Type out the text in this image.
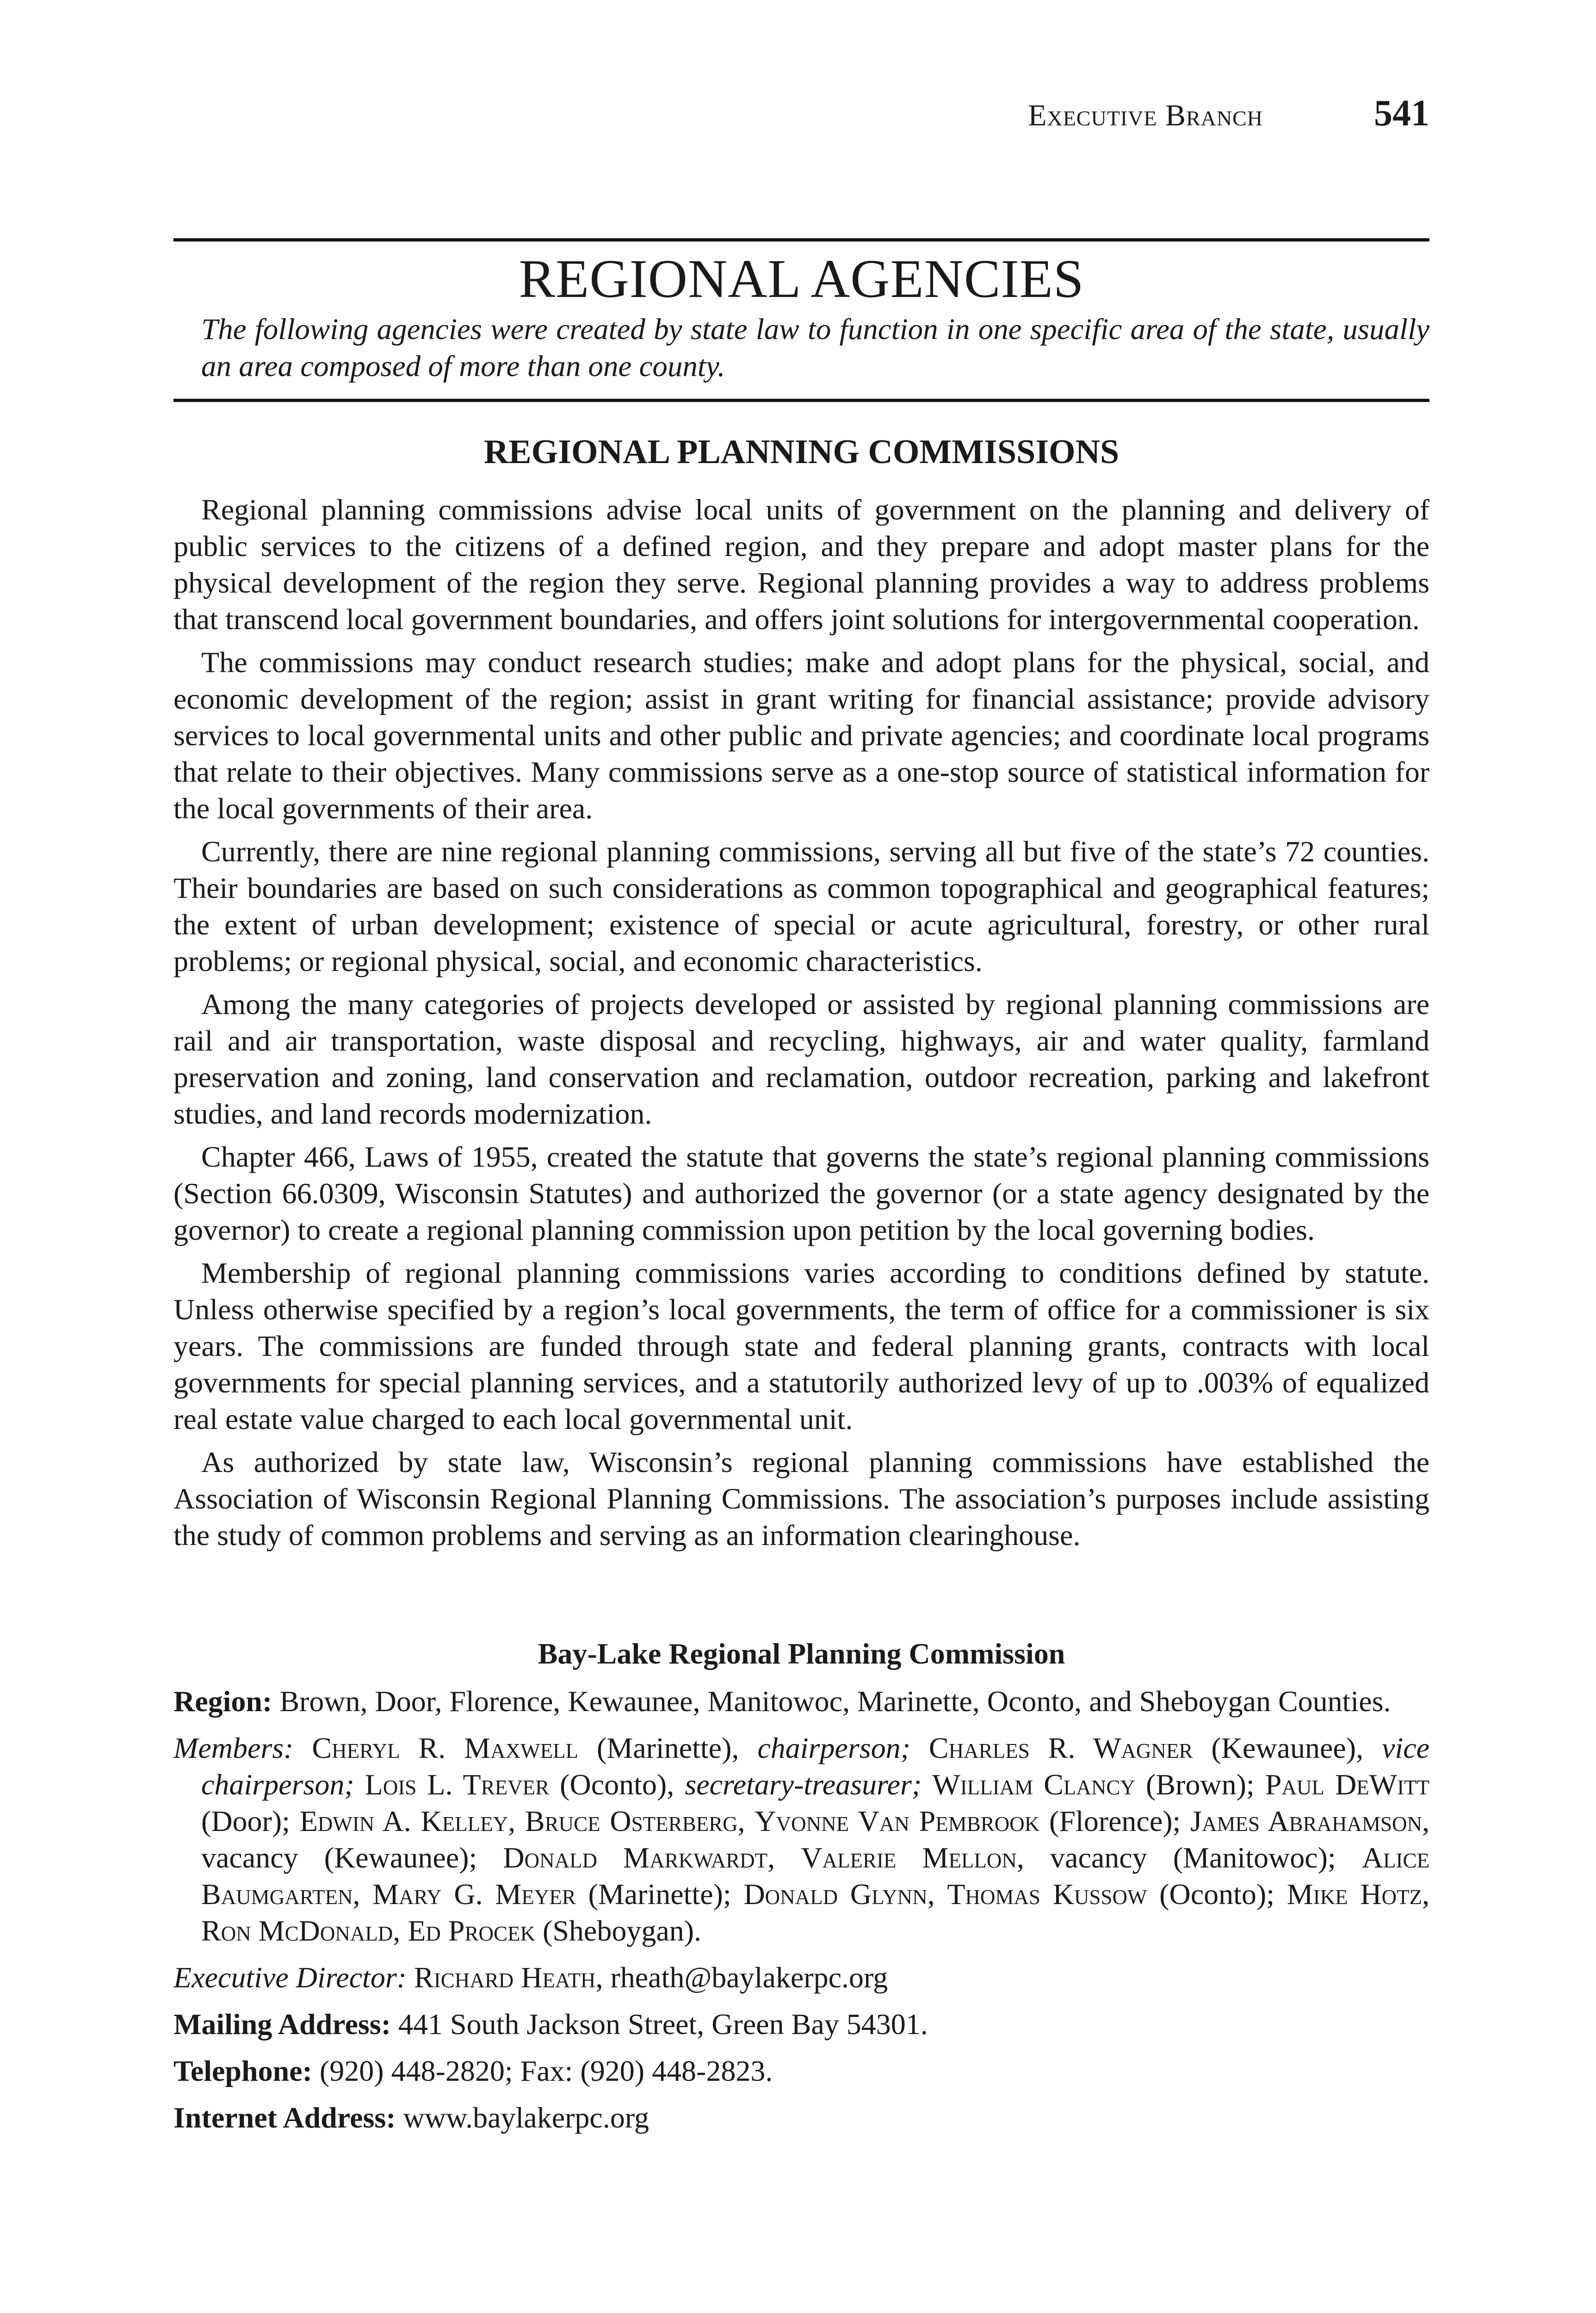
Executive Branch	541
REGIONAL AGENCIES
The following agencies were created by state law to function in one specific area of the state, usually an area composed of more than one county.
REGIONAL PLANNING COMMISSIONS

Regional planning commissions advise local units of government on the planning and delivery of public services to the citizens of a defined region, and they prepare and adopt master plans for the physical development of the region they serve. Regional planning provides a way to address problems that transcend local government boundaries, and offers joint solutions for intergovernmental cooperation.

The commissions may conduct research studies; make and adopt plans for the physical, social, and economic development of the region; assist in grant writing for financial assistance; provide advisory services to local governmental units and other public and private agencies; and coordinate local programs that relate to their objectives. Many commissions serve as a one-stop source of statistical information for the local governments of their area.

Currently, there are nine regional planning commissions, serving all but five of the state’s 72 counties. Their boundaries are based on such considerations as common topographical and geographical features; the extent of urban development; existence of special or acute agricultural, forestry, or other rural problems; or regional physical, social, and economic characteristics.

Among the many categories of projects developed or assisted by regional planning commissions are rail and air transportation, waste disposal and recycling, highways, air and water quality, farmland preservation and zoning, land conservation and reclamation, outdoor recreation, parking and lakefront studies, and land records modernization.

Chapter 466, Laws of 1955, created the statute that governs the state’s regional planning commissions (Section 66.0309, Wisconsin Statutes) and authorized the governor (or a state agency designated by the governor) to create a regional planning commission upon petition by the local governing bodies.

Membership of regional planning commissions varies according to conditions defined by statute. Unless otherwise specified by a region’s local governments, the term of office for a commissioner is six years. The commissions are funded through state and federal planning grants, contracts with local governments for special planning services, and a statutorily authorized levy of up to .003% of equalized real estate value charged to each local governmental unit.

As authorized by state law, Wisconsin’s regional planning commissions have established the Association of Wisconsin Regional Planning Commissions. The association’s purposes include assisting the study of common problems and serving as an information clearinghouse.

Bay-Lake Regional Planning Commission
Region: Brown, Door, Florence, Kewaunee, Manitowoc, Marinette, Oconto, and Sheboygan Counties.
Members: Cheryl R. Maxwell (Marinette), chairperson; Charles R. Wagner (Kewaunee), vice chairperson; Lois L. Trever (Oconto), secretary-treasurer; William Clancy (Brown); Paul DeWitt (Door); Edwin A. Kelley, Bruce Osterberg, Yvonne Van Pembrook (Florence); James Abrahamson, vacancy (Kewaunee); Donald Markwardt, Valerie Mellon, vacancy (Manitowoc); Alice Baumgarten, Mary G. Meyer (Marinette); Donald Glynn, Thomas Kussow (Oconto); Mike Hotz, Ron McDonald, Ed Procek (Sheboygan).
Executive Director: Richard Heath, rheath@baylakerpc.org
Mailing Address: 441 South Jackson Street, Green Bay 54301.
Telephone: (920) 448-2820; Fax: (920) 448-2823.
Internet Address: www.baylakerpc.org
